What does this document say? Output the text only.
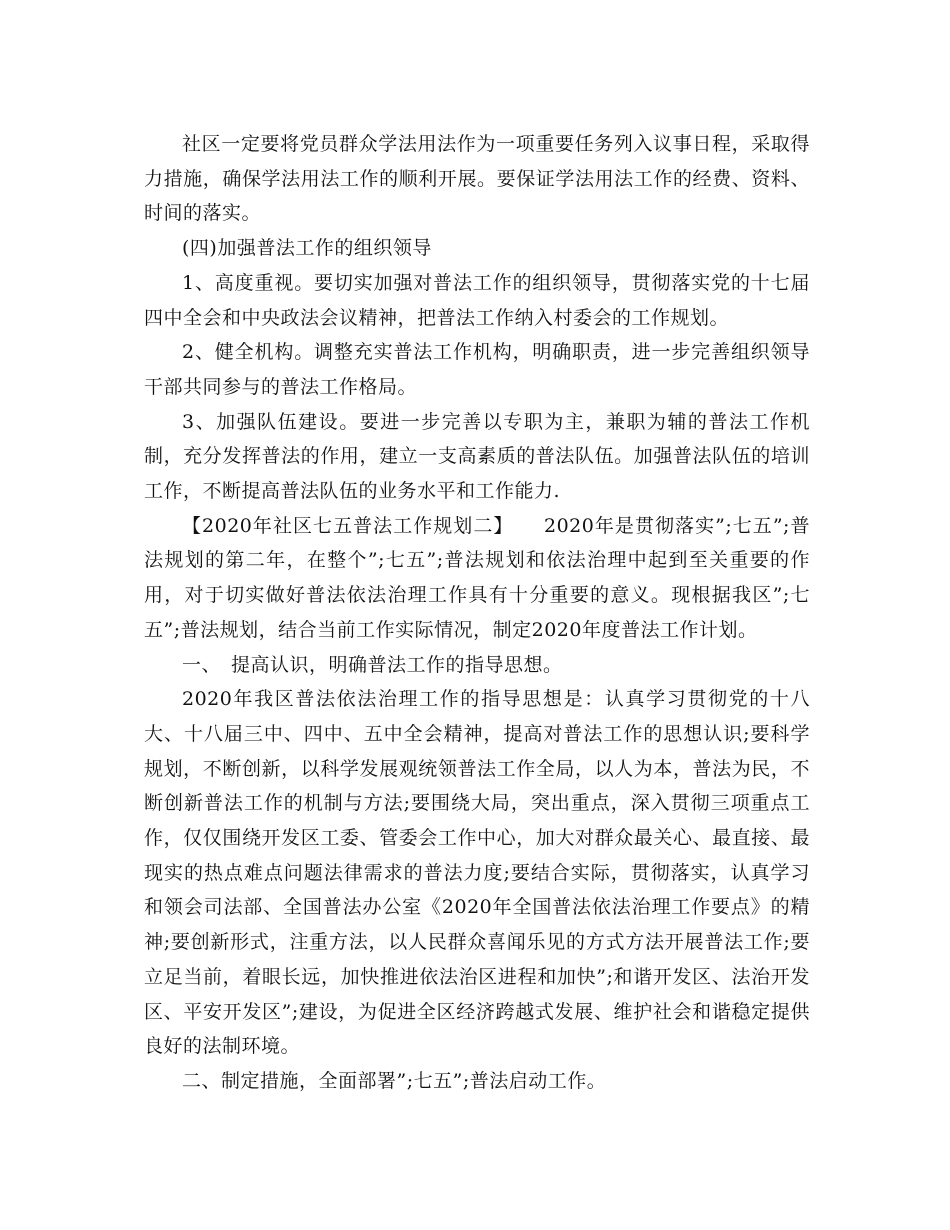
社区一定要将党员群众学法用法作为一项重要任务列入议事日程，采取得力措施，确保学法用法工作的顺利开展。要保证学法用法工作的经费、资料、时间的落实。

(四)加强普法工作的组织领导

1、高度重视。要切实加强对普法工作的组织领导，贯彻落实党的十七届四中全会和中央政法会议精神，把普法工作纳入村委会的工作规划。

2、健全机构。调整充实普法工作机构，明确职责，进一步完善组织领导干部共同参与的普法工作格局。

3、加强队伍建设。要进一步完善以专职为主，兼职为辅的普法工作机制，充分发挥普法的作用，建立一支高素质的普法队伍。加强普法队伍的培训工作，不断提高普法队伍的业务水平和工作能力.

【2020年社区七五普法工作规划二】　　2020年是贯彻落实”;七五”;普法规划的第二年，在整个”;七五”;普法规划和依法治理中起到至关重要的作用，对于切实做好普法依法治理工作具有十分重要的意义。现根据我区”;七五”;普法规划，结合当前工作实际情况，制定2020年度普法工作计划。

一、　提高认识，明确普法工作的指导思想。

2020年我区普法依法治理工作的指导思想是：认真学习贯彻党的十八大、十八届三中、四中、五中全会精神，提高对普法工作的思想认识;要科学规划，不断创新，以科学发展观统领普法工作全局，以人为本，普法为民，不断创新普法工作的机制与方法;要围绕大局，突出重点，深入贯彻三项重点工作，仅仅围绕开发区工委、管委会工作中心，加大对群众最关心、最直接、最现实的热点难点问题法律需求的普法力度;要结合实际，贯彻落实，认真学习和领会司法部、全国普法办公室《2020年全国普法依法治理工作要点》的精神;要创新形式，注重方法，以人民群众喜闻乐见的方式方法开展普法工作;要立足当前，着眼长远，加快推进依法治区进程和加快”;和谐开发区、法治开发区、平安开发区”;建设，为促进全区经济跨越式发展、维护社会和谐稳定提供良好的法制环境。

二、制定措施，全面部署”;七五”;普法启动工作。
